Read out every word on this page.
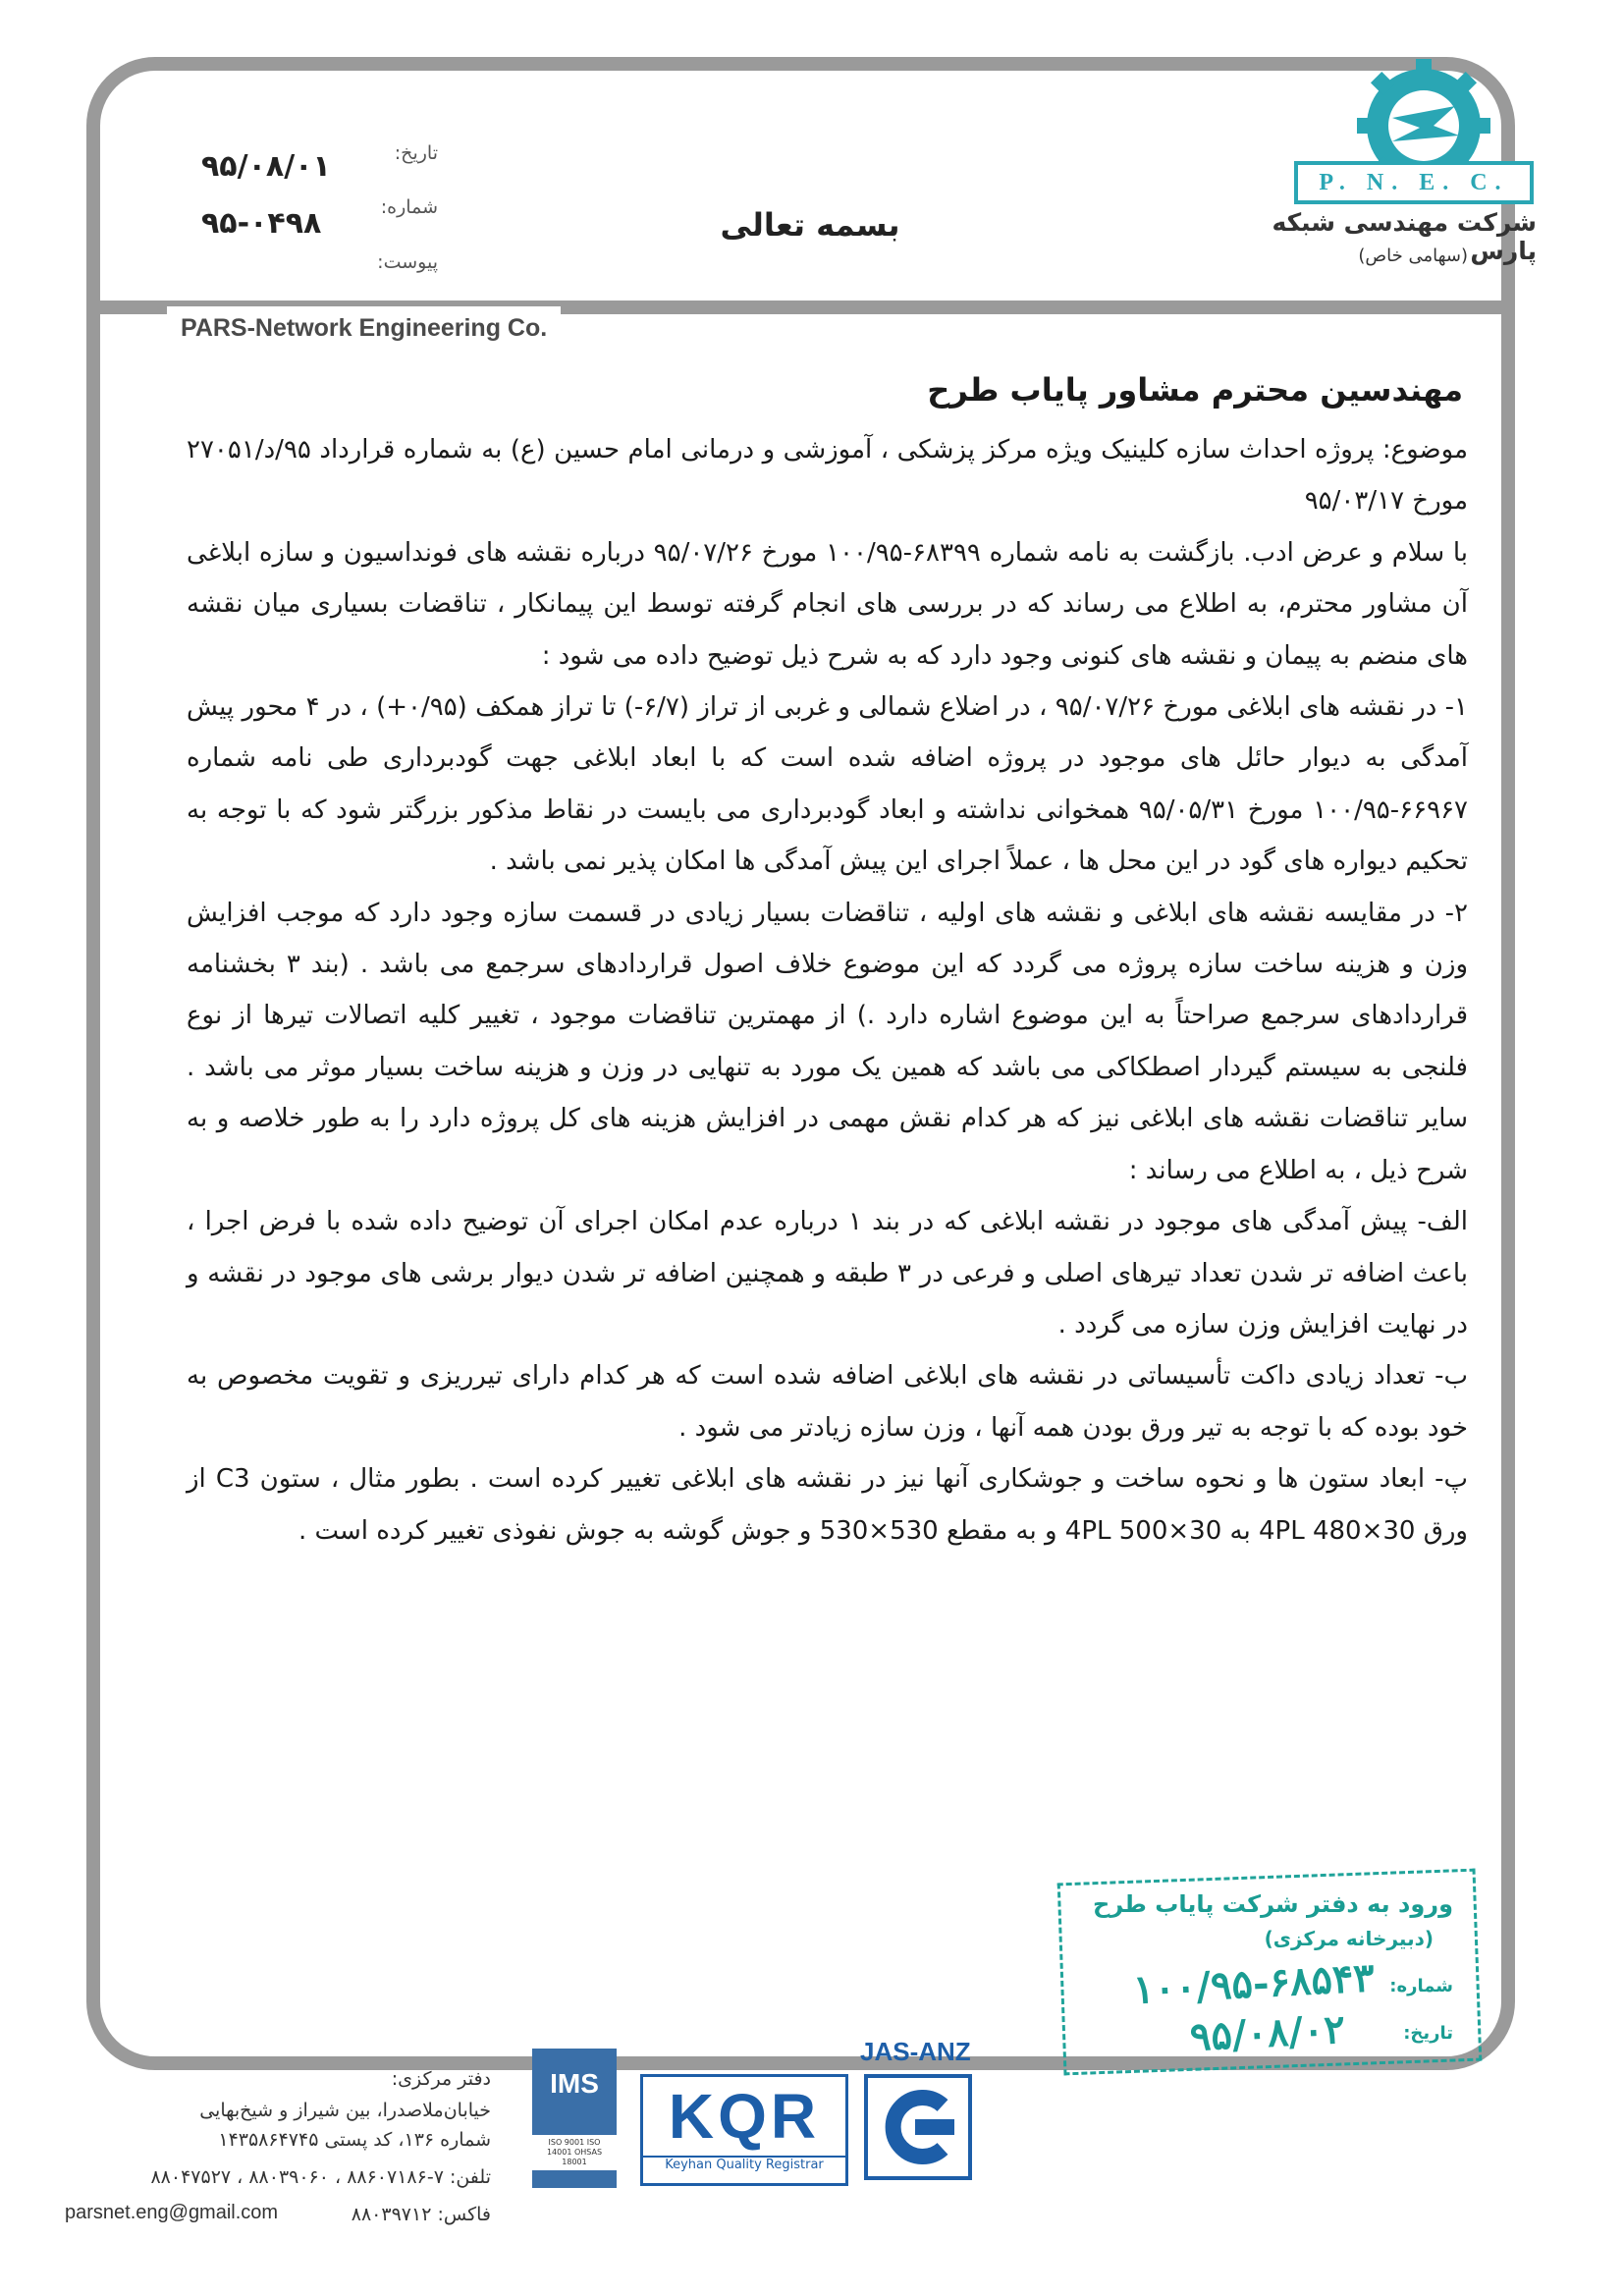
PARS-Network Engineering Co.
P. N. E. C.
شرکت مهندسی شبکه پارس
(سهامی خاص)
بسمه تعالی
تاریخ:
۹۵/۰۸/۰۱
شماره:
۹۵-۰۴۹۸
پیوست:
مهندسین محترم مشاور پایاب طرح

موضوع: پروژه احداث سازه کلینیک ویژه مرکز پزشکی ، آموزشی و درمانی امام حسین (ع) به شماره قرارداد ۹۵/د/۲۷۰۵۱ مورخ ۹۵/۰۳/۱۷

با سلام و عرض ادب. بازگشت به نامه شماره ۶۸۳۹۹-۱۰۰/۹۵ مورخ ۹۵/۰۷/۲۶ درباره نقشه های فونداسیون و سازه ابلاغی آن مشاور محترم، به اطلاع می رساند که در بررسی های انجام گرفته توسط این پیمانکار ، تناقضات بسیاری میان نقشه های منضم به پیمان و نقشه های کنونی وجود دارد که به شرح ذیل توضیح داده می شود :

۱- در نقشه های ابلاغی مورخ ۹۵/۰۷/۲۶ ، در اضلاع شمالی و غربی از تراز (۶/۷-) تا تراز همکف (۰/۹۵+) ، در ۴ محور پیش آمدگی به دیوار حائل های موجود در پروژه اضافه شده است که با ابعاد ابلاغی جهت گودبرداری طی نامه شماره ۶۶۹۶۷-۱۰۰/۹۵ مورخ ۹۵/۰۵/۳۱ همخوانی نداشته و ابعاد گودبرداری می بایست در نقاط مذکور بزرگتر شود که با توجه به تحکیم دیواره های گود در این محل ها ، عملاً اجرای این پیش آمدگی ها امکان پذیر نمی باشد .

۲- در مقایسه نقشه های ابلاغی و نقشه های اولیه ، تناقضات بسیار زیادی در قسمت سازه وجود دارد که موجب افزایش وزن و هزینه ساخت سازه پروژه می گردد که این موضوع خلاف اصول قراردادهای سرجمع می باشد . (بند ۳ بخشنامه قراردادهای سرجمع صراحتاً به این موضوع اشاره دارد .) از مهمترین تناقضات موجود ، تغییر کلیه اتصالات تیرها از نوع فلنجی به سیستم گیردار اصطکاکی می باشد که همین یک مورد به تنهایی در وزن و هزینه ساخت بسیار موثر می باشد . سایر تناقضات نقشه های ابلاغی نیز که هر کدام نقش مهمی در افزایش هزینه های کل پروژه دارد را به طور خلاصه و به شرح ذیل ، به اطلاع می رساند :

الف- پیش آمدگی های موجود در نقشه ابلاغی که در بند ۱ درباره عدم امکان اجرای آن توضیح داده شده با فرض اجرا ، باعث اضافه تر شدن تعداد تیرهای اصلی و فرعی در ۳ طبقه و همچنین اضافه تر شدن دیوار برشی های موجود در نقشه و در نهایت افزایش وزن سازه می گردد .

ب- تعداد زیادی داکت تأسیساتی در نقشه های ابلاغی اضافه شده است که هر کدام دارای تیرریزی و تقویت مخصوص به خود بوده که با توجه به تیر ورق بودن همه آنها ، وزن سازه زیادتر می شود .

پ- ابعاد ستون ها و نحوه ساخت و جوشکاری آنها نیز در نقشه های ابلاغی تغییر کرده است . بطور مثال ، ستون C3 از ورق 4PL 480×30 به 4PL 500×30 و به مقطع 530×530 و جوش گوشه به جوش نفوذی تغییر کرده است .

ورود به دفتر شرکت پایاب طرح
(دبیرخانه مرکزی)
شماره:
۱۰۰/۹۵-۶۸۵۴۳
تاریخ:
۹۵/۰۸/۰۲
IMS
ISO 9001 ISO 14001 OHSAS 18001
KQR
Keyhan Quality Registrar
JAS-ANZ
دفتر مرکزی:
خیابان‌ملاصدرا، بین شیراز و شیخ‌بهایی
شماره ۱۳۶، کد پستی ۱۴۳۵۸۶۴۷۴۵
تلفن: ۷-۸۸۶۰۷۱۸۶ ، ۸۸۰۳۹۰۶۰ ، ۸۸۰۴۷۵۲۷
فاکس: ۸۸۰۳۹۷۱۲
parsnet.eng@gmail.com
